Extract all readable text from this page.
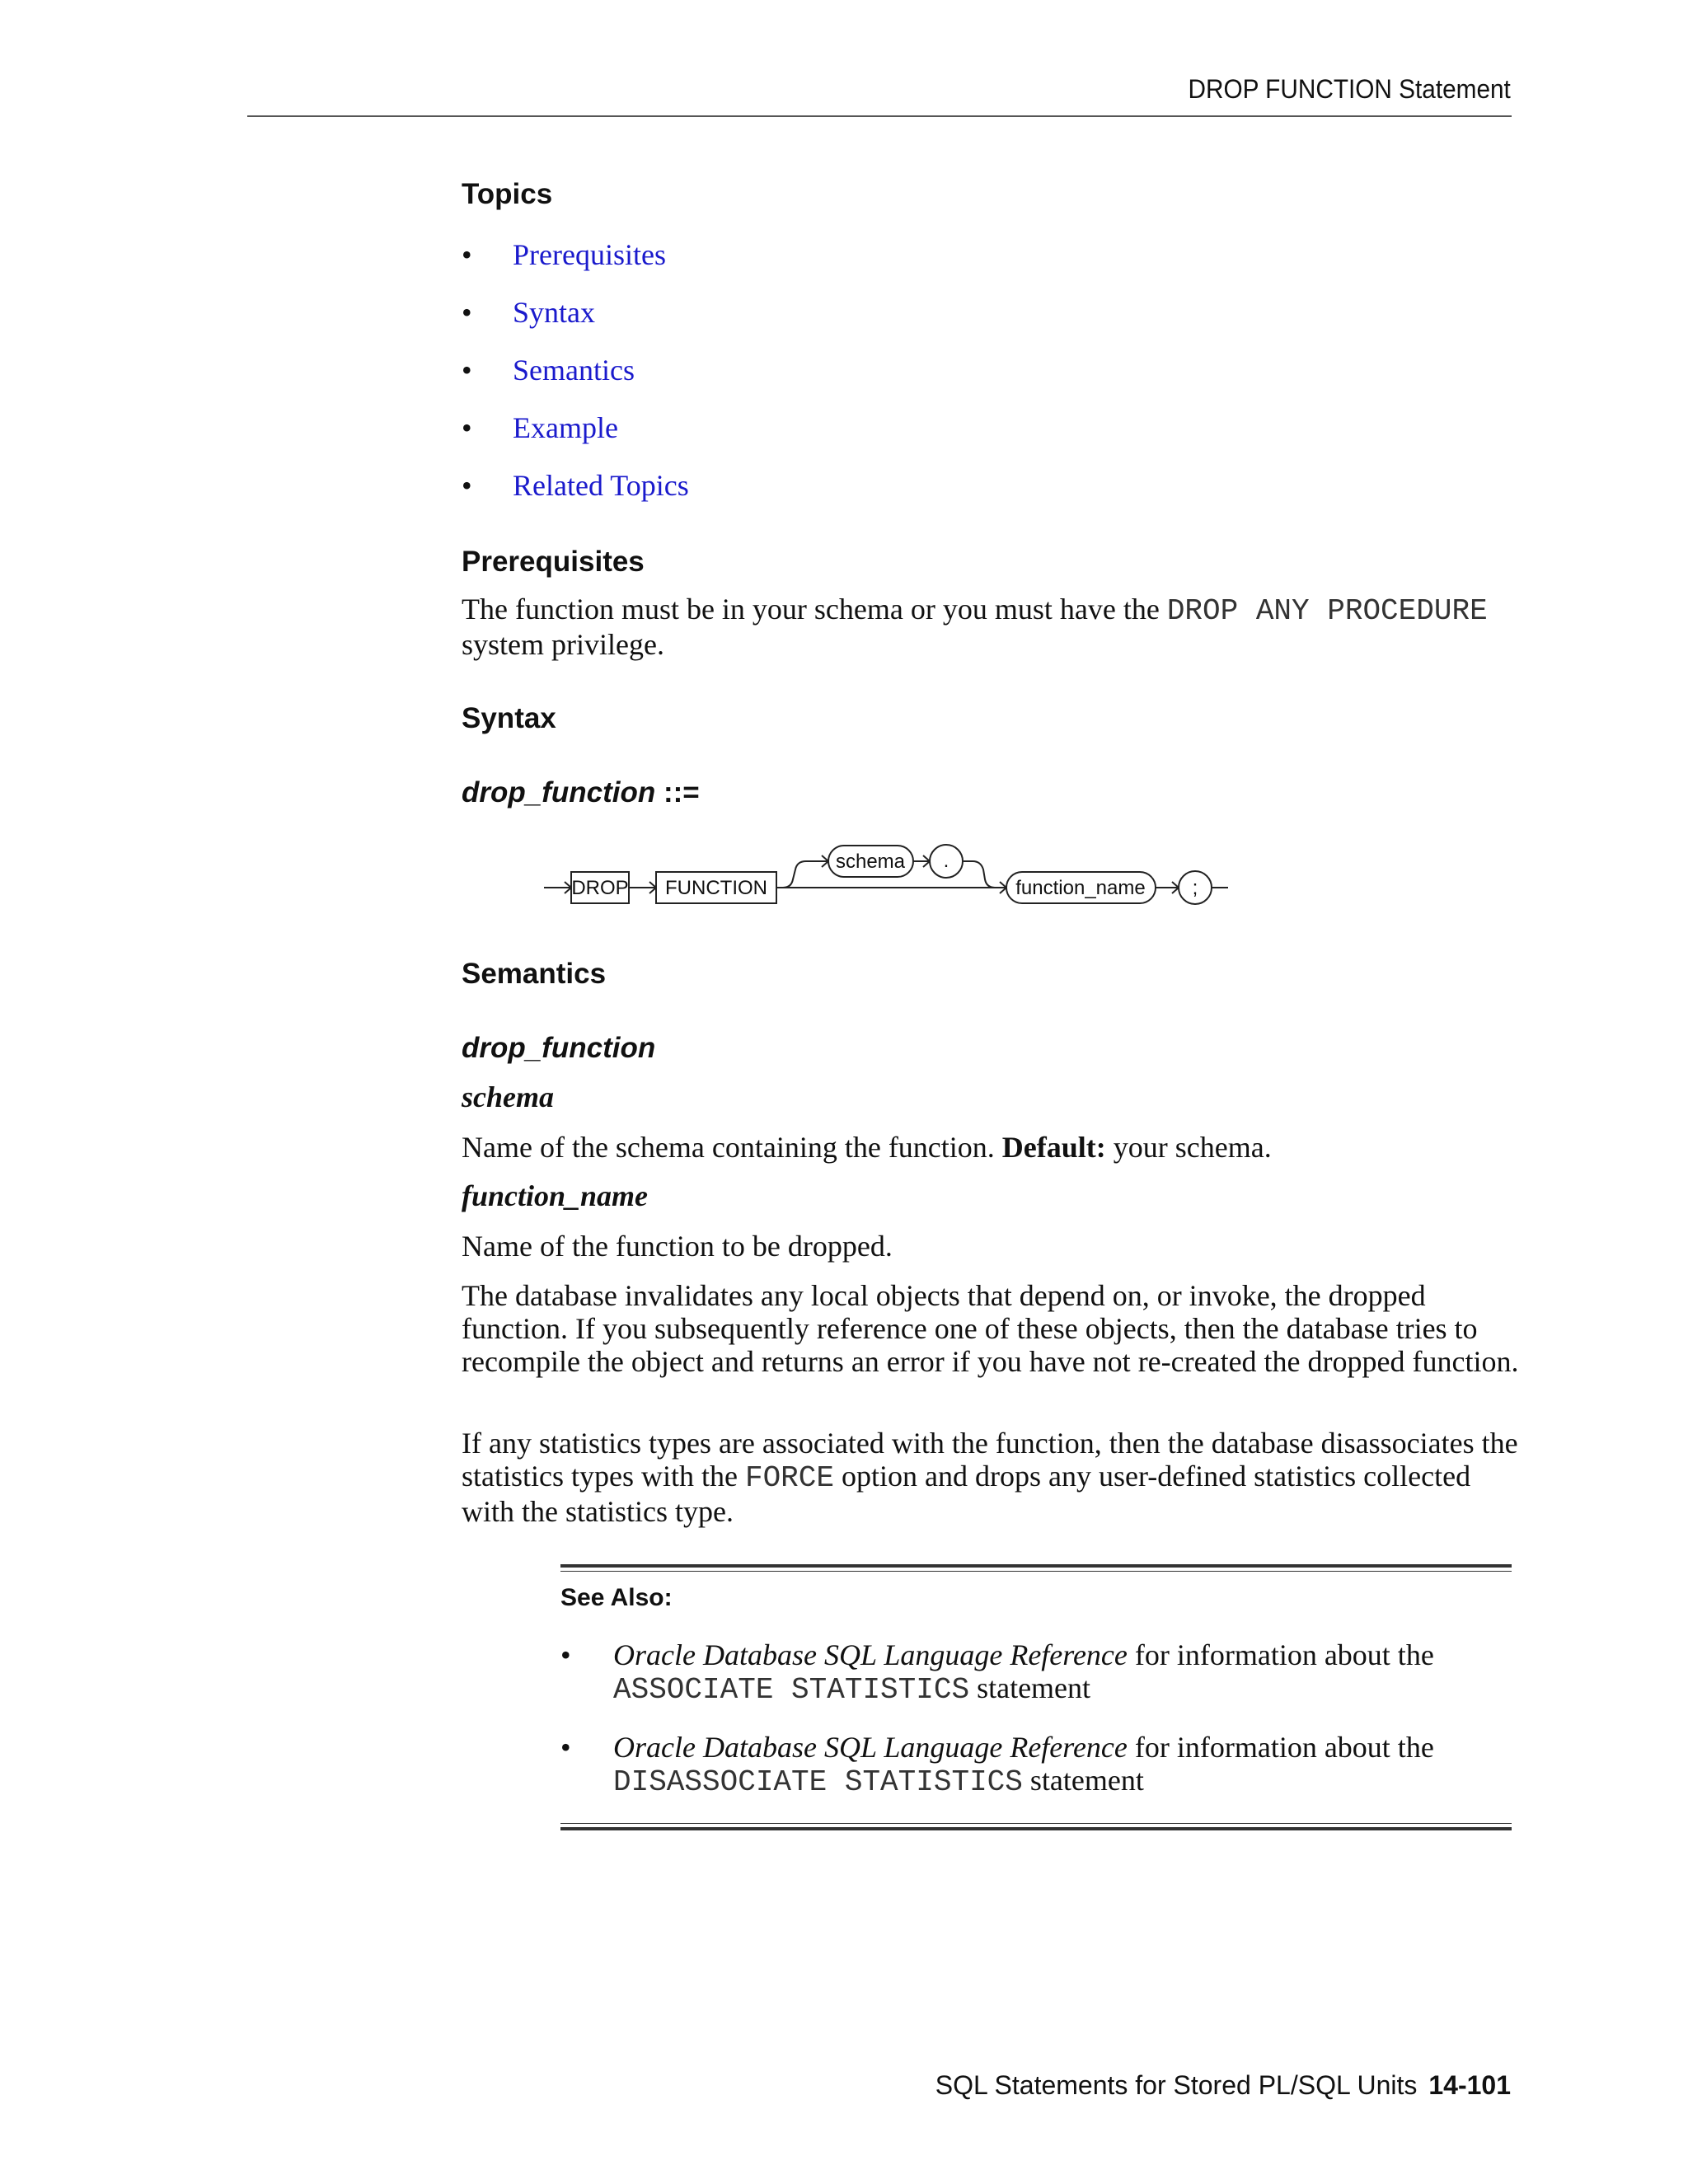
DROP FUNCTION Statement
Topics
• Prerequisites
• Syntax
• Semantics
• Example
• Related Topics
Prerequisites
The function must be in your schema or you must have the DROP ANY PROCEDURE
system privilege.
Syntax
drop_function ::=
DROP FUNCTION
schema .
function_name ;
Semantics
drop_function
schema
Name of the schema containing the function. Default: your schema.
function_name
Name of the function to be dropped.
The database invalidates any local objects that depend on, or invoke, the dropped function. If you subsequently reference one of these objects, then the database tries to recompile the object and returns an error if you have not re-created the dropped function.
If any statistics types are associated with the function, then the database disassociates the statistics types with the FORCE option and drops any user-defined statistics collected with the statistics type.
See Also:
• Oracle Database SQL Language Reference for information about the
ASSOCIATE STATISTICS statement
• Oracle Database SQL Language Reference for information about the
DISASSOCIATE STATISTICS statement
SQL Statements for Stored PL/SQL Units 14-101
